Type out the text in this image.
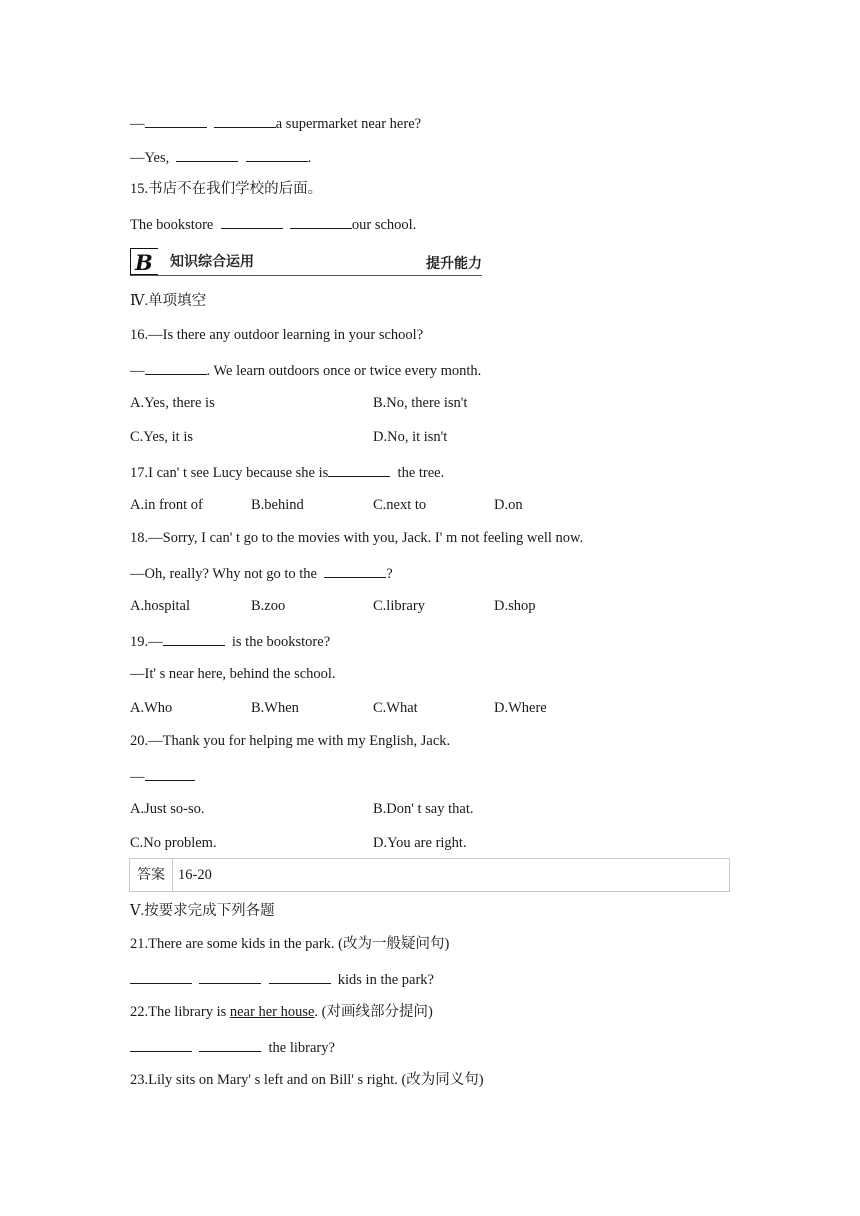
—	a supermarket near here?
—Yes,	.
15.书店不在我们学校的后面。
The bookstore	our school.
B 知识综合运用	提升能力
Ⅳ.单项填空
16.—Is there any outdoor learning in your school?
—	. We learn outdoors once or twice every month.
A.Yes, there is	B.No, there isn't
C.Yes, it is	D.No, it isn't
17.I can' t see Lucy because she is	the tree.
A.in front of	B.behind	C.next to	D.on
18.—Sorry, I can' t go to the movies with you, Jack. I' m not feeling well now.
—Oh, really? Why not go to the	?
A.hospital	B.zoo	C.library	D.shop
19.—	is the bookstore?
—It' s near here, behind the school.
A.Who	B.When	C.What	D.Where
20.—Thank you for helping me with my English, Jack.
—
A.Just so-so.	B.Don' t say that.
C.No problem.	D.You are right.
答案 16-20
Ⅴ.按要求完成下列各题
21.There are some kids in the park. (改为一般疑问句)
kids in the park?
22.The library is near her house. (对画线部分提问)
the library?
23.Lily sits on Mary' s left and on Bill' s right. (改为同义句)
